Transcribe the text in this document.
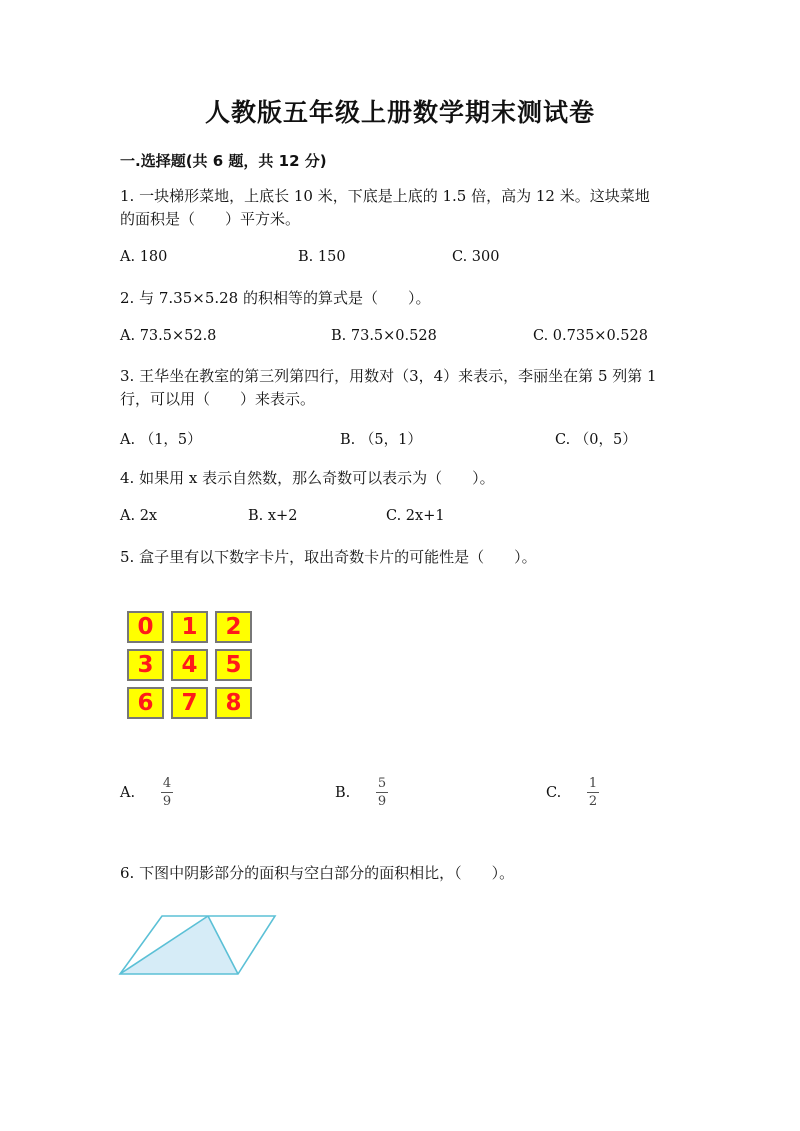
人教版五年级上册数学期末测试卷
一.选择题(共 6 题，共 12 分)
1. 一块梯形菜地，上底长 10 米，下底是上底的 1.5 倍，高为 12 米。这块菜地
的面积是（　　）平方米。
A. 180	B. 150	C. 300
2. 与 7.35×5.28 的积相等的算式是（　　）。
A. 73.5×52.8	B. 73.5×0.528	C. 0.735×0.528
3. 王华坐在教室的第三列第四行，用数对（3，4）来表示，李丽坐在第 5 列第 1
行，可以用（　　）来表示。
A. （1，5）	B. （5，1）	C. （0，5）
4. 如果用 x 表示自然数，那么奇数可以表示为（　　）。
A. 2x	B. x+2	C. 2x+1
5. 盒子里有以下数字卡片，取出奇数卡片的可能性是（　　）。
0	1	2
3	4	5
6	7	8
A.
4
9
B.
5
9
C.
1
2
6. 下图中阴影部分的面积与空白部分的面积相比，（　　）。
